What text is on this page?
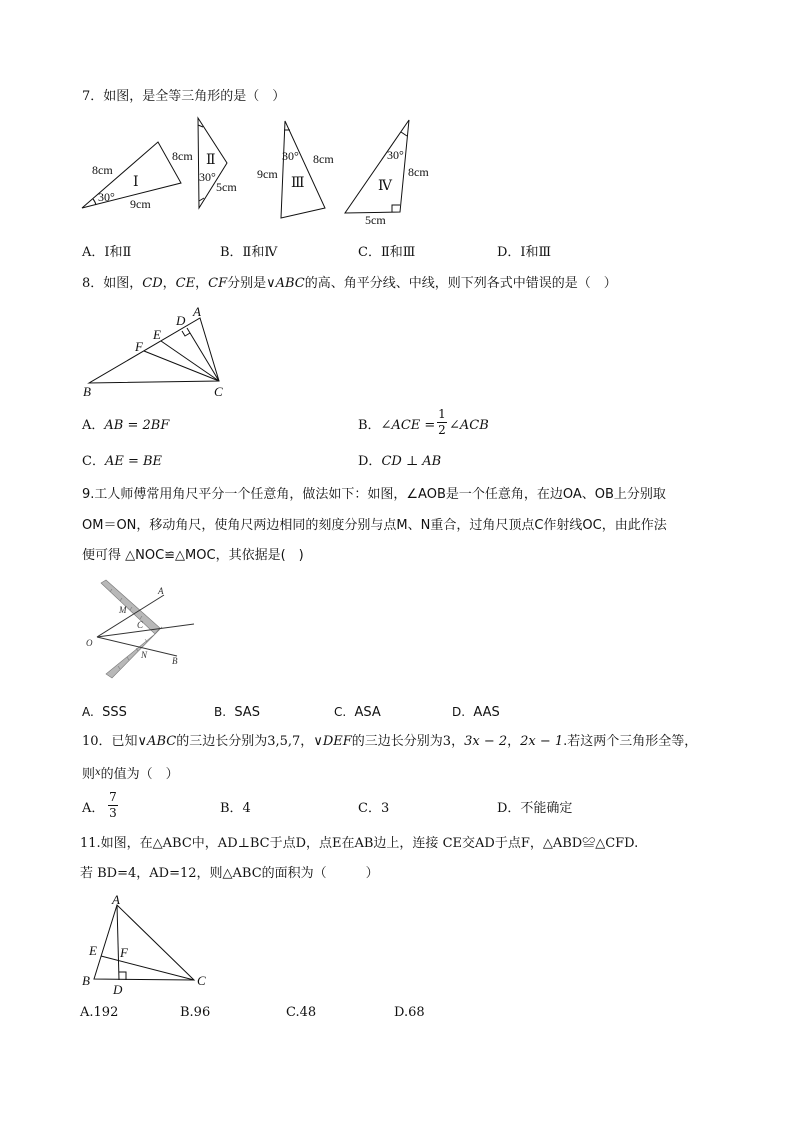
7．如图，是全等三角形的是（　）
8cm
9cm
30°
Ⅰ
8cm
5cm
30°
Ⅱ
9cm
8cm
30°
Ⅲ
8cm
5cm
30°
Ⅳ
A．Ⅰ和Ⅱ	B．Ⅱ和Ⅳ	C．Ⅱ和Ⅲ	D．Ⅰ和Ⅲ
8．如图，CD，CE，CF分别是∨ABC的高、角平分线、中线，则下列各式中错误的是（　）
A
B	C
D
E
F
A．AB = 2BF	B．∠ACE =
1
2 ∠ACB
C．AE = BE	D．CD ⊥ AB
9.工人师傅常用角尺平分一个任意角，做法如下：如图，∠AOB是一个任意角，在边OA、OB上分别取
OM＝ON，移动角尺，使角尺两边相同的刻度分别与点M、N重合，过角尺顶点C作射线OC，由此作法
便可得 △NOC≌△MOC，其依据是(　)
A
B
C
M
N
O
A. SSS	B. SAS	C. ASA	D. AAS
10．已知∨ABC的三边长分别为3,5,7，∨DEF的三边长分别为3，3x − 2，2x − 1.若这两个三角形全等，
则$^x$的值为（　）
A．
7
3	B．4	C．3	D．不能确定
11.如图，在△ABC中，AD⊥BC于点D，点E在AB边上，连接 CE交AD于点F，△ABD≌△CFD.
若 BD=4，AD=12，则△ABC的面积为（　　　）
A
B	C
D
E F
A.192	B.96	C.48	D.68
